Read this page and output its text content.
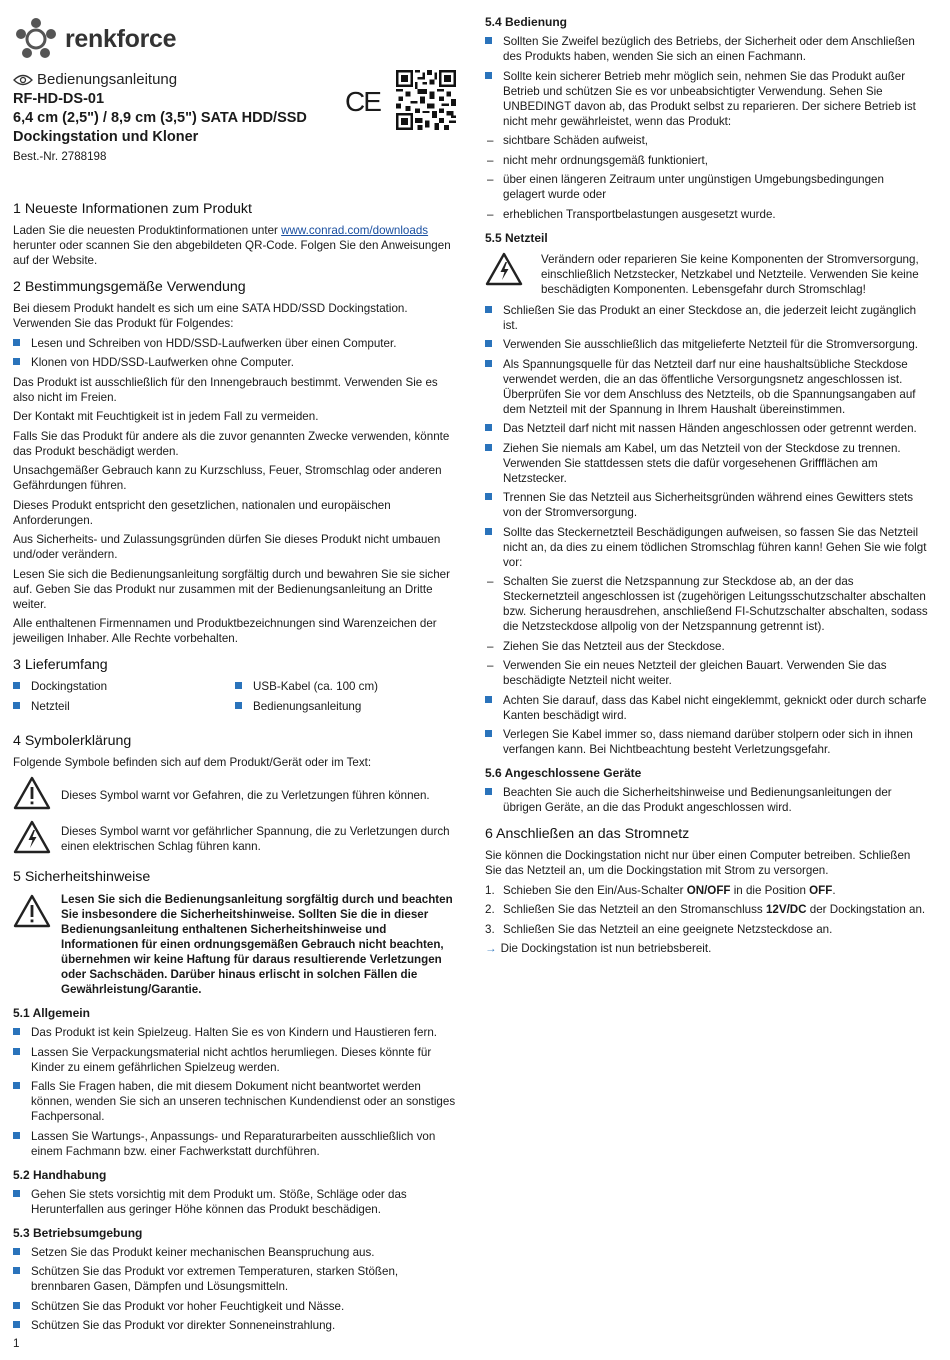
renkforce
Bedienungsanleitung
RF-HD-DS-01
6,4 cm (2,5") / 8,9 cm (3,5") SATA HDD/SSD
Dockingstation und Kloner
Best.-Nr. 2788198
CE
1 Neueste Informationen zum Produkt

Laden Sie die neuesten Produktinformationen unter www.conrad.com/downloads herunter oder scannen Sie den abgebildeten QR-Code. Folgen Sie den Anweisungen auf der Website.

2 Bestimmungsgemäße Verwendung

Bei diesem Produkt handelt es sich um eine SATA HDD/SSD Dockingstation. Verwenden Sie das Produkt für Folgendes:

Lesen und Schreiben von HDD/SSD-Laufwerken über einen Computer.
Klonen von HDD/SSD-Laufwerken ohne Computer.

Das Produkt ist ausschließlich für den Innengebrauch bestimmt. Verwenden Sie es also nicht im Freien.

Der Kontakt mit Feuchtigkeit ist in jedem Fall zu vermeiden.

Falls Sie das Produkt für andere als die zuvor genannten Zwecke verwenden, könnte das Produkt beschädigt werden.

Unsachgemäßer Gebrauch kann zu Kurzschluss, Feuer, Stromschlag oder anderen Gefährdungen führen.

Dieses Produkt entspricht den gesetzlichen, nationalen und europäischen Anforderungen.

Aus Sicherheits- und Zulassungsgründen dürfen Sie dieses Produkt nicht umbauen und/oder verändern.

Lesen Sie sich die Bedienungsanleitung sorgfältig durch und bewahren Sie sie sicher auf. Geben Sie das Produkt nur zusammen mit der Bedienungsanleitung an Dritte weiter.

Alle enthaltenen Firmennamen und Produktbezeichnungen sind Warenzeichen der jeweiligen Inhaber. Alle Rechte vorbehalten.

3 Lieferumfang
Dockingstation
Netzteil
USB-Kabel (ca. 100 cm)
Bedienungsanleitung
4 Symbolerklärung

Folgende Symbole befinden sich auf dem Produkt/Gerät oder im Text:

Dieses Symbol warnt vor Gefahren, die zu Verletzungen führen können.
Dieses Symbol warnt vor gefährlicher Spannung, die zu Verletzungen durch einen elektrischen Schlag führen kann.
5 Sicherheitshinweise
Lesen Sie sich die Bedienungsanleitung sorgfältig durch und beachten Sie insbesondere die Sicherheitshinweise. Sollten Sie die in dieser Bedienungsanleitung enthaltenen Sicherheitshinweise und Informationen für einen ordnungsgemäßen Gebrauch nicht beachten, übernehmen wir keine Haftung für daraus resultierende Verletzungen oder Sachschäden. Darüber hinaus erlischt in solchen Fällen die Gewährleistung/Garantie.
5.1 Allgemein
Das Produkt ist kein Spielzeug. Halten Sie es von Kindern und Haustieren fern.
Lassen Sie Verpackungsmaterial nicht achtlos herumliegen. Dieses könnte für Kinder zu einem gefährlichen Spielzeug werden.
Falls Sie Fragen haben, die mit diesem Dokument nicht beantwortet werden können, wenden Sie sich an unseren technischen Kundendienst oder an sonstiges Fachpersonal.
Lassen Sie Wartungs-, Anpassungs- und Reparaturarbeiten ausschließlich von einem Fachmann bzw. einer Fachwerkstatt durchführen.
5.2 Handhabung
Gehen Sie stets vorsichtig mit dem Produkt um. Stöße, Schläge oder das Herunterfallen aus geringer Höhe können das Produkt beschädigen.
5.3 Betriebsumgebung
Setzen Sie das Produkt keiner mechanischen Beanspruchung aus.
Schützen Sie das Produkt vor extremen Temperaturen, starken Stößen, brennbaren Gasen, Dämpfen und Lösungsmitteln.
Schützen Sie das Produkt vor hoher Feuchtigkeit und Nässe.
Schützen Sie das Produkt vor direkter Sonneneinstrahlung.
5.4 Bedienung
Sollten Sie Zweifel bezüglich des Betriebs, der Sicherheit oder dem Anschließen des Produkts haben, wenden Sie sich an einen Fachmann.
Sollte kein sicherer Betrieb mehr möglich sein, nehmen Sie das Produkt außer Betrieb und schützen Sie es vor unbeabsichtigter Verwendung. Sehen Sie UNBEDINGT davon ab, das Produkt selbst zu reparieren. Der sichere Betrieb ist nicht mehr gewährleistet, wenn das Produkt:
– sichtbare Schäden aufweist,
– nicht mehr ordnungsgemäß funktioniert,
– über einen längeren Zeitraum unter ungünstigen Umgebungsbedingungen gelagert wurde oder
– erheblichen Transportbelastungen ausgesetzt wurde.
5.5 Netzteil
Verändern oder reparieren Sie keine Komponenten der Stromversorgung, einschließlich Netzstecker, Netzkabel und Netzteile. Verwenden Sie keine beschädigten Komponenten. Lebensgefahr durch Stromschlag!
Schließen Sie das Produkt an einer Steckdose an, die jederzeit leicht zugänglich ist.
Verwenden Sie ausschließlich das mitgelieferte Netzteil für die Stromversorgung.
Als Spannungsquelle für das Netzteil darf nur eine haushaltsübliche Steckdose verwendet werden, die an das öffentliche Versorgungsnetz angeschlossen ist. Überprüfen Sie vor dem Anschluss des Netzteils, ob die Spannungsangaben auf dem Netzteil mit der Spannung in Ihrem Haushalt übereinstimmen.
Das Netzteil darf nicht mit nassen Händen angeschlossen oder getrennt werden.
Ziehen Sie niemals am Kabel, um das Netzteil von der Steckdose zu trennen. Verwenden Sie stattdessen stets die dafür vorgesehenen Griffflächen am Netzstecker.
Trennen Sie das Netzteil aus Sicherheitsgründen während eines Gewitters stets von der Stromversorgung.
Sollte das Steckernetzteil Beschädigungen aufweisen, so fassen Sie das Netzteil nicht an, da dies zu einem tödlichen Stromschlag führen kann! Gehen Sie wie folgt vor:
– Schalten Sie zuerst die Netzspannung zur Steckdose ab, an der das Steckernetzteil angeschlossen ist (zugehörigen Leitungsschutzschalter abschalten bzw. Sicherung herausdrehen, anschließend FI-Schutzschalter abschalten, sodass die Netzsteckdose allpolig von der Netzspannung getrennt ist).
– Ziehen Sie das Netzteil aus der Steckdose.
– Verwenden Sie ein neues Netzteil der gleichen Bauart. Verwenden Sie das beschädigte Netzteil nicht weiter.
Achten Sie darauf, dass das Kabel nicht eingeklemmt, geknickt oder durch scharfe Kanten beschädigt wird.
Verlegen Sie Kabel immer so, dass niemand darüber stolpern oder sich in ihnen verfangen kann. Bei Nichtbeachtung besteht Verletzungsgefahr.
5.6 Angeschlossene Geräte
Beachten Sie auch die Sicherheitshinweise und Bedienungsanleitungen der übrigen Geräte, an die das Produkt angeschlossen wird.
6 Anschließen an das Stromnetz

Sie können die Dockingstation nicht nur über einen Computer betreiben. Schließen Sie das Netzteil an, um die Dockingstation mit Strom zu versorgen.

1. Schieben Sie den Ein/Aus-Schalter ON/OFF in die Position OFF.
2. Schließen Sie das Netzteil an den Stromanschluss 12V/DC der Dockingstation an.
3. Schließen Sie das Netzteil an eine geeignete Netzsteckdose an.

→ Die Dockingstation ist nun betriebsbereit.

1
